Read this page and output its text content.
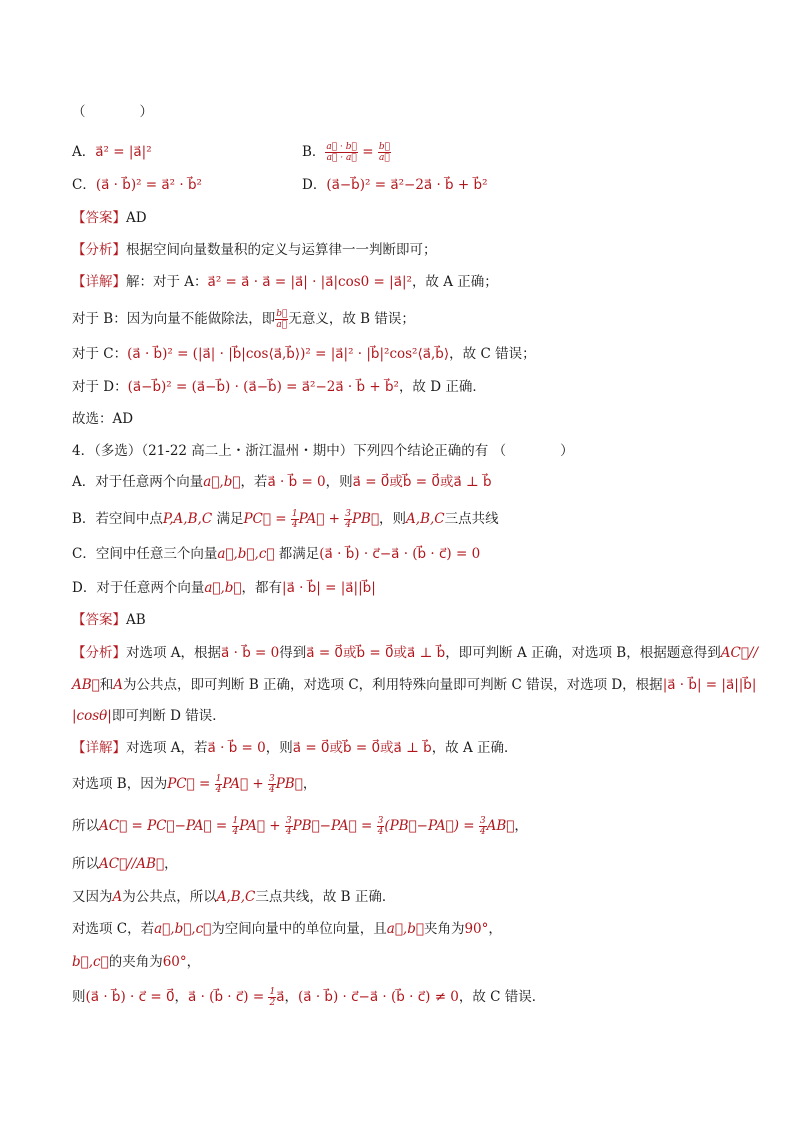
（　　　　）
A．a⃗² = |a⃗|²	B． $\frac{a⃗ \cdot b⃗}{a⃗ \cdot a⃗} = \frac{b⃗}{a⃗}$
C．(a⃗ · b⃗)² = a⃗² · b⃗²	D．(a⃗−b⃗)² = a⃗²−2a⃗ · b⃗ + b⃗²
【答案】AD
【分析】根据空间向量数量积的定义与运算律一一判断即可；
【详解】解：对于 A：a⃗² = a⃗ · a⃗ = |a⃗| · |a⃗|cos0 = |a⃗|²，故 A 正确；
对于 B：因为向量不能做除法，即 $\frac{b⃗}{a⃗}$ 无意义，故 B 错误；
对于 C：(a⃗ · b⃗)² = (|a⃗| · |b⃗|cos⟨a⃗,b⃗⟩)² = |a⃗|² · |b⃗|²cos²⟨a⃗,b⃗⟩，故 C 错误；
对于 D：(a⃗−b⃗)² = (a⃗−b⃗) · (a⃗−b⃗) = a⃗²−2a⃗ · b⃗ + b⃗²，故 D 正确．
故选：AD
4．（多选）（21-22 高二上・浙江温州・期中）下列四个结论正确的有 （　　　　）
A．对于任意两个向量a⃗,b⃗，若a⃗ · b⃗ = 0，则a⃗ = 0⃗或b⃗ = 0⃗或a⃗ ⊥ b⃗
B．若空间中点P,A,B,C 满足PC⃗ = $\frac{1}{4}$ PA⃗ + $\frac{3}{4}$ PB⃗，则A,B,C三点共线
C．空间中任意三个向量a⃗,b⃗,c⃗ 都满足(a⃗ · b⃗) · c⃗−a⃗ · (b⃗ · c⃗) = 0
D．对于任意两个向量a⃗,b⃗，都有|a⃗ · b⃗| = |a⃗||b⃗|
【答案】AB
【分析】对选项 A，根据a⃗ · b⃗ = 0得到a⃗ = 0⃗或b⃗ = 0⃗或a⃗ ⊥ b⃗，即可判断 A 正确，对选项 B，根据题意得到AC⃗//
AB⃗和A为公共点，即可判断 B 正确，对选项 C，利用特殊向量即可判断 C 错误，对选项 D，根据|a⃗ · b⃗| = |a⃗||b⃗|
|cosθ|即可判断 D 错误．
【详解】对选项 A，若a⃗ · b⃗ = 0，则a⃗ = 0⃗或b⃗ = 0⃗或a⃗ ⊥ b⃗，故 A 正确．
对选项 B，因为PC⃗ = $\frac{1}{4}$ PA⃗ + $\frac{3}{4}$ PB⃗，
所以AC⃗ = PC⃗−PA⃗ = $\frac{1}{4}$ PA⃗ + $\frac{3}{4}$ PB⃗−PA⃗ = $\frac{3}{4}$ (PB⃗−PA⃗) = $\frac{3}{4}$ AB⃗，
所以AC⃗//AB⃗，
又因为A为公共点，所以A,B,C三点共线，故 B 正确．
对选项 C，若a⃗,b⃗,c⃗为空间向量中的单位向量，且a⃗,b⃗夹角为90°，
b⃗,c⃗的夹角为60°，
则(a⃗ · b⃗) · c⃗ = 0⃗，a⃗ · (b⃗ · c⃗) = $\frac{1}{2}$ a⃗，(a⃗ · b⃗) · c⃗−a⃗ · (b⃗ · c⃗) ≠ 0，故 C 错误．
